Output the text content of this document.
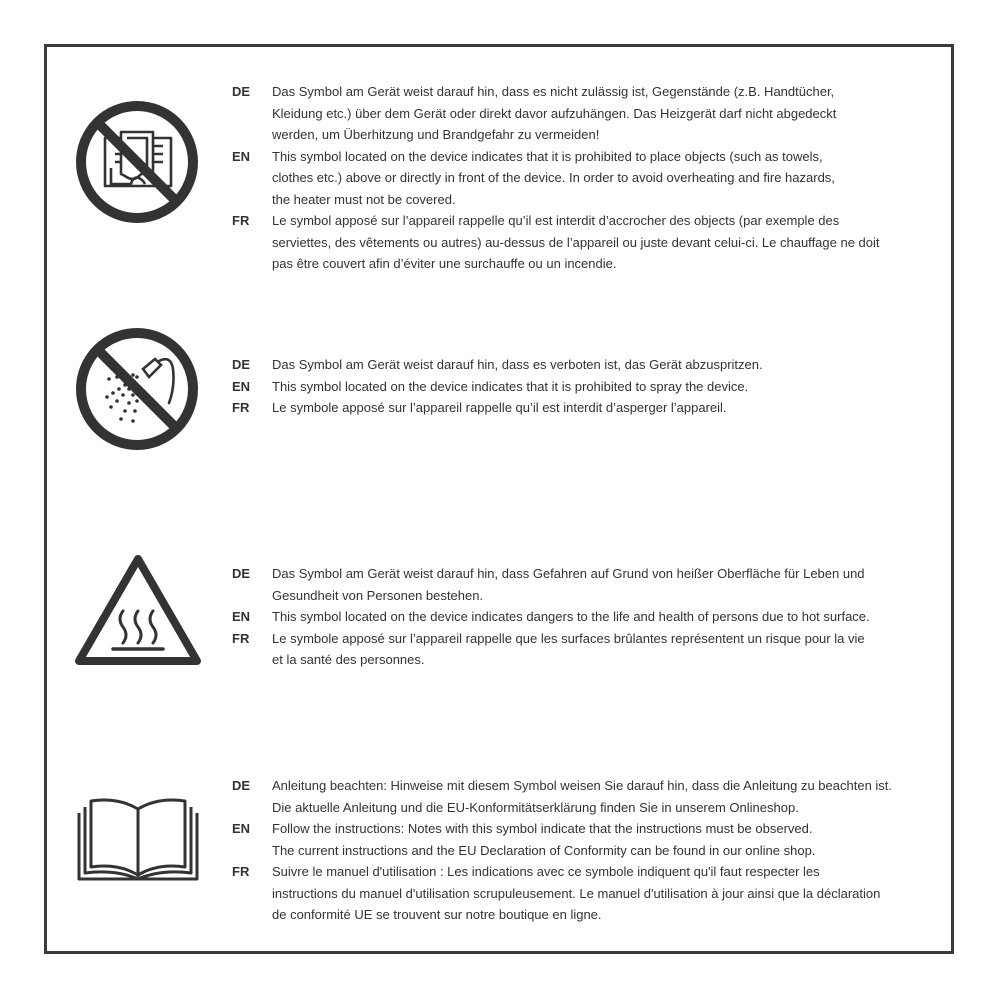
DE	Das Symbol am Gerät weist darauf hin, dass es nicht zulässig ist, Gegenstände (z.B. Handtücher,
Kleidung etc.) über dem Gerät oder direkt davor aufzuhängen. Das Heizgerät darf nicht abgedeckt
werden, um Überhitzung und Brandgefahr zu vermeiden!
EN	This symbol located on the device indicates that it is prohibited to place objects (such as towels,
clothes etc.) above or directly in front of the device. In order to avoid overheating and fire hazards,
the heater must not be covered.
FR	Le symbol apposé sur l’appareil rappelle qu’il est interdit d’accrocher des objects (par exemple des
serviettes, des vêtements ou autres) au-dessus de l’appareil ou juste devant celui-ci. Le chauffage ne doit
pas être couvert afin d’éviter une surchauffe ou un incendie.
DE	Das Symbol am Gerät weist darauf hin, dass es verboten ist, das Gerät abzuspritzen.
EN	This symbol located on the device indicates that it is prohibited to spray the device.
FR	Le symbole apposé sur l’appareil rappelle qu’il est interdit d’asperger l’appareil.
DE	Das Symbol am Gerät weist darauf hin, dass Gefahren auf Grund von heißer Oberfläche für Leben und
Gesundheit von Personen bestehen.
EN	This symbol located on the device indicates dangers to the life and health of persons due to hot surface.
FR	Le symbole apposé sur l’appareil rappelle que les surfaces brûlantes représentent un risque pour la vie
et la santé des personnes.
DE	Anleitung beachten: Hinweise mit diesem Symbol weisen Sie darauf hin, dass die Anleitung zu beachten ist.
Die aktuelle Anleitung und die EU-Konformitätserklärung finden Sie in unserem Onlineshop.
EN	Follow the instructions: Notes with this symbol indicate that the instructions must be observed.
The current instructions and the EU Declaration of Conformity can be found in our online shop.
FR	Suivre le manuel d'utilisation : Les indications avec ce symbole indiquent qu'il faut respecter les
instructions du manuel d'utilisation scrupuleusement. Le manuel d'utilisation à jour ainsi que la déclaration
de conformité UE se trouvent sur notre boutique en ligne.
